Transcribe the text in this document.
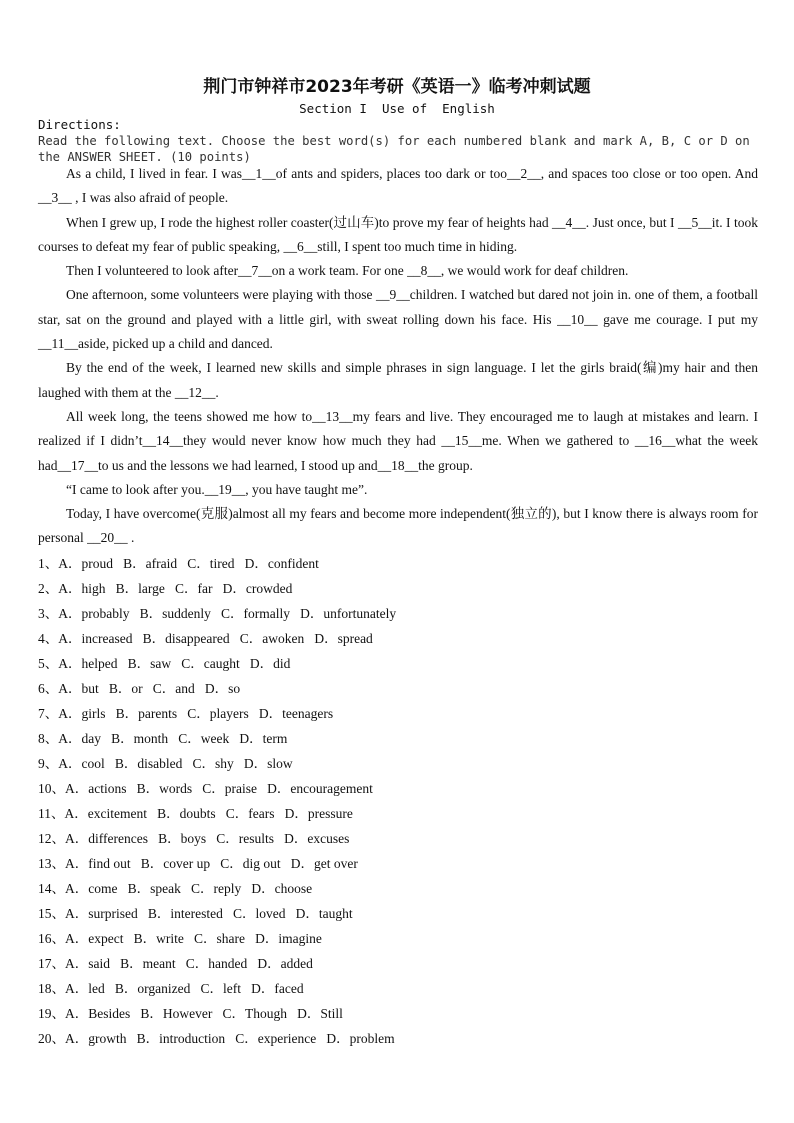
荆门市钟祥市2023年考研《英语一》临考冲刺试题
Section I  Use of  English
Directions:
Read the following text. Choose the best word(s) for each numbered blank and mark A, B, C or D on the ANSWER SHEET. (10 points)

As a child, I lived in fear. I was__1__of ants and spiders, places too dark or too__2__, and spaces too close or too open. And __3__ , I was also afraid of people.

When I grew up, I rode the highest roller coaster(过山车)to prove my fear of heights had __4__. Just once, but I __5__it. I took courses to defeat my fear of public speaking, __6__still, I spent too much time in hiding.

Then I volunteered to look after__7__on a work team. For one __8__, we would work for deaf children.

One afternoon, some volunteers were playing with those __9__children. I watched but dared not join in. one of them, a football star, sat on the ground and played with a little girl, with sweat rolling down his face. His __10__ gave me courage. I put my __11__aside, picked up a child and danced.

By the end of the week, I learned new skills and simple phrases in sign language. I let the girls braid(编)my hair and then laughed with them at the __12__.

All week long, the teens showed me how to__13__my fears and live. They encouraged me to laugh at mistakes and learn. I realized if I didn’t__14__they would never know how much they had __15__me. When we gathered to __16__what the week had__17__to us and the lessons we had learned, I stood up and__18__the group.

“I came to look after you.__19__, you have taught me”.

Today, I have overcome(克服)almost all my fears and become more independent(独立的), but I know there is always room for personal __20__ .

1、A．proud B．afraid C．tired D．confident
2、A．high B．large C．far D．crowded
3、A．probably B．suddenly C．formally D．unfortunately
4、A．increased B．disappeared C．awoken D．spread
5、A．helped B．saw C．caught D．did
6、A．but B．or C．and D．so
7、A．girls B．parents C．players D．teenagers
8、A．day B．month C．week D．term
9、A．cool B．disabled C．shy D．slow
10、A．actions B．words C．praise D．encouragement
11、A．excitement B．doubts C．fears D．pressure
12、A．differences B．boys C．results D．excuses
13、A．find out B．cover up C．dig out D．get over
14、A．come B．speak C．reply D．choose
15、A．surprised B．interested C．loved D．taught
16、A．expect B．write C．share D．imagine
17、A．said B．meant C．handed D．added
18、A．led B．organized C．left D．faced
19、A．Besides B．However C．Though D．Still
20、A．growth B．introduction C．experience D．problem
